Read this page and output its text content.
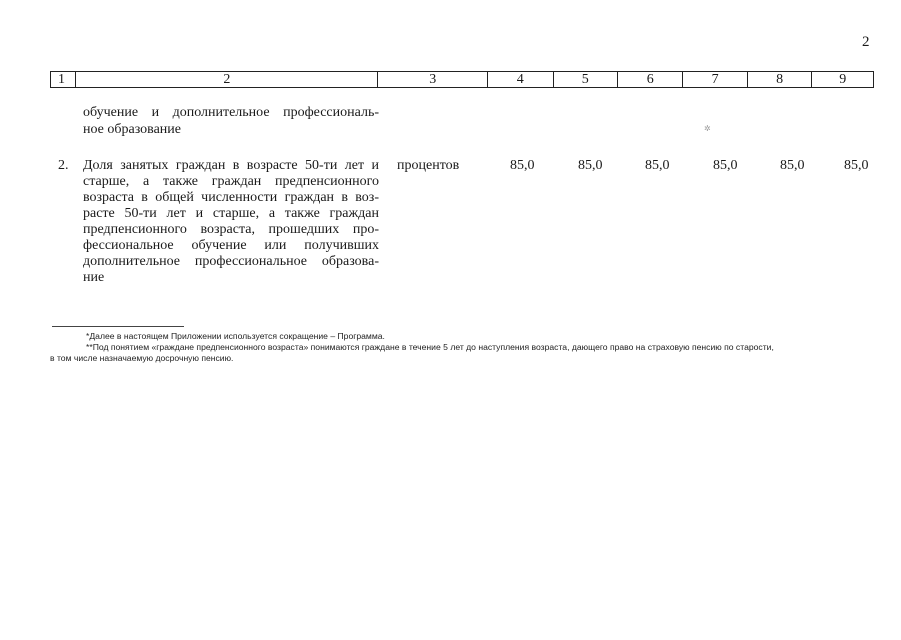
2
1	2	3	4	5	6	7	8	9
обучение и дополнительное профессиональ-
ное образование	✲
2. Доля занятых граждан в возрасте 50-ти лет и
старше, а также граждан предпенсионного
возраста в общей численности граждан в воз-
расте 50-ти лет и старше, а также граждан
предпенсионного возраста, прошедших про-
фессиональное обучение или получивших
дополнительное профессиональное образова-
ние
процентов	85,0	85,0	85,0	85,0	85,0	85,0
*Далее в настоящем Приложении используется сокращение – Программа.
**Под понятием «граждане предпенсионного возраста» понимаются граждане в течение 5 лет до наступления возраста, дающего право на страховую пенсию по старости,
в том числе назначаемую досрочную пенсию.
